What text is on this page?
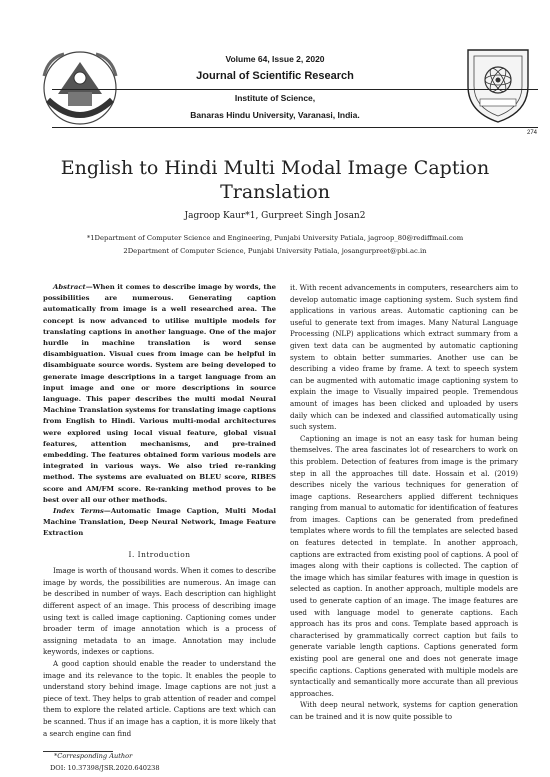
Volume 64, Issue 2, 2020
Journal of Scientific Research
Institute of Science,
Banaras Hindu University, Varanasi, India.
274
English to Hindi Multi Modal Image Caption Translation
Jagroop Kaur*1, Gurpreet Singh Josan2
*1Department of Computer Science and Engineering, Punjabi University Patiala, jagroop_80@rediffmail.com
2Department of Computer Science, Punjabi University Patiala, josangurpreet@pbi.ac.in

Abstract—When it comes to describe image by words, the possibilities are numerous. Generating caption automatically from image is a well researched area. The concept is now advanced to utilise multiple models for translating captions in another language. One of the major hurdle in machine translation is word sense disambiguation. Visual cues from image can be helpful in disambiguate source words. System are being developed to generate image descriptions in a target language from an input image and one or more descriptions in source language. This paper describes the multi modal Neural Machine Translation systems for translating image captions from English to Hindi. Various multi-modal architectures were explored using local visual feature, global visual features, attention mechanisms, and pre-trained embedding. The features obtained form various models are integrated in various ways. We also tried re-ranking method. The systems are evaluated on BLEU score, RIBES score and AM/FM score. Re-ranking method proves to be best over all our other methods.

Index Terms—Automatic Image Caption, Multi Modal Machine Translation, Deep Neural Network, Image Feature Extraction

I. Introduction

Image is worth of thousand words. When it comes to describe image by words, the possibilities are numerous. An image can be described in number of ways. Each description can highlight different aspect of an image. This process of describing image using text is called image captioning. Captioning comes under broader term of image annotation which is a process of assigning metadata to an image. Annotation may include keywords, indexes or captions.

A good caption should enable the reader to understand the image and its relevance to the topic. It enables the people to understand story behind image. Image captions are not just a piece of text. They helps to grab attention of reader and compel them to explore the related article. Captions are text which can be scanned. Thus if an image has a caption, it is more likely that a search engine can find

it. With recent advancements in computers, researchers aim to develop automatic image captioning system. Such system find applications in various areas. Automatic captioning can be useful to generate text from images. Many Natural Language Processing (NLP) applications which extract summary from a given text data can be augmented by automatic captioning system to obtain better summaries. Another use can be describing a video frame by frame. A text to speech system can be augmented with automatic image captioning system to explain the image to Visually impaired people. Tremendous amount of images has been clicked and uploaded by users daily which can be indexed and classified automatically using such system.

Captioning an image is not an easy task for human being themselves. The area fascinates lot of researchers to work on this problem. Detection of features from image is the primary step in all the approaches till date. Hossain et al. (2019) describes nicely the various techniques for generation of image captions. Researchers applied different techniques ranging from manual to automatic for identification of features from images. Captions can be generated from predefined templates where words to fill the templates are selected based on features detected in template. In another approach, captions are extracted from existing pool of captions. A pool of images along with their captions is collected. The caption of the image which has similar features with image in question is selected as caption. In another approach, multiple models are used to generate caption of an image. The image features are used with language model to generate captions. Each approach has its pros and cons. Template based approach is characterised by grammatically correct caption but fails to generate variable length captions. Captions generated form existing pool are general one and does not generate image specific captions. Captions generated with multiple models are syntactically and semantically more accurate than all previous approaches.

With deep neural network, systems for caption generation can be trained and it is now quite possible to

*Corresponding Author
DOI: 10.37398/JSR.2020.640238
